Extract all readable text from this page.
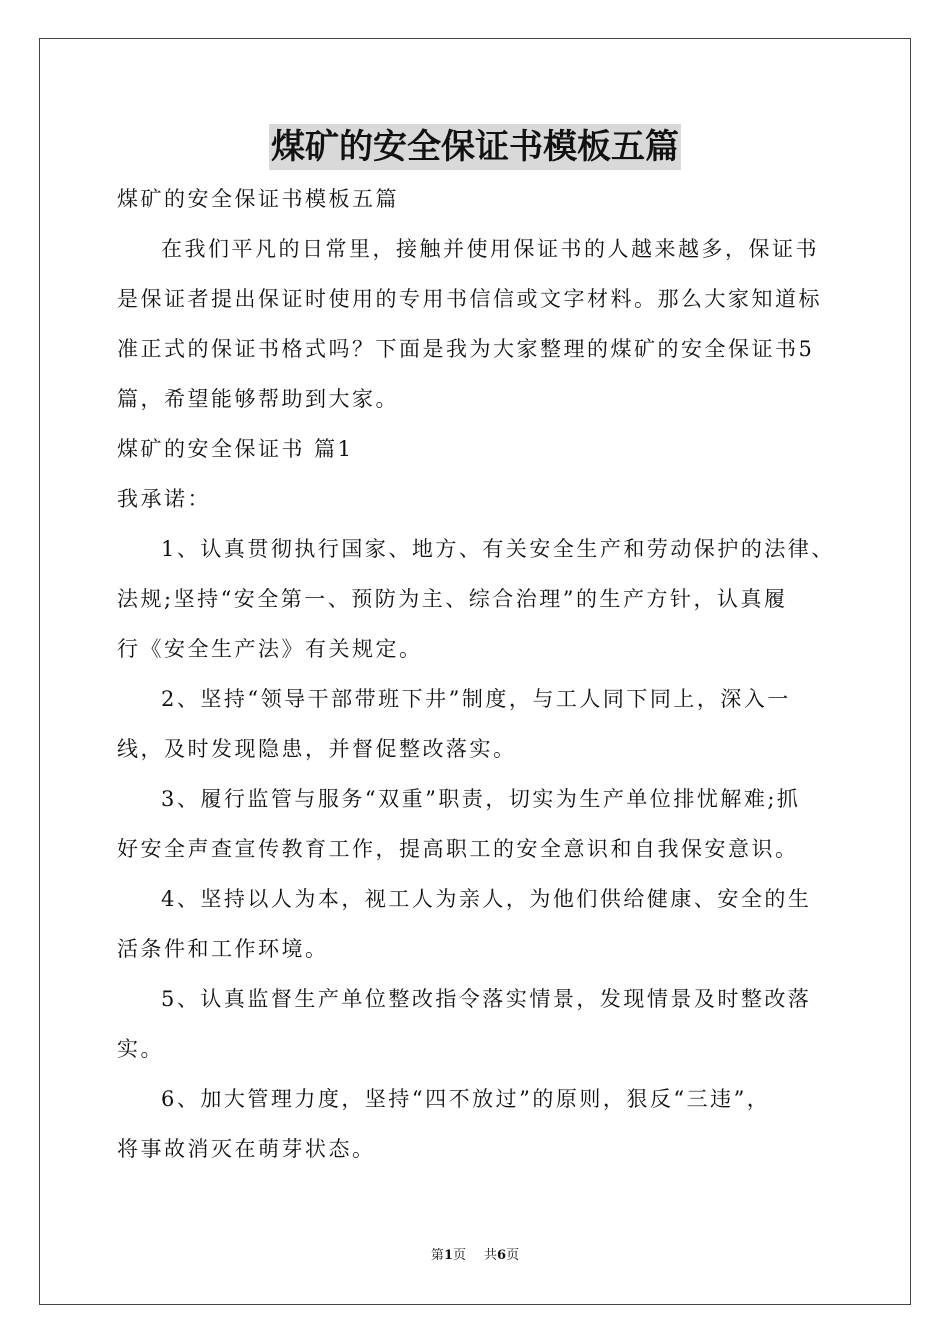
煤矿的安全保证书模板五篇
煤矿的安全保证书模板五篇
在我们平凡的日常里，接触并使用保证书的人越来越多，保证书
是保证者提出保证时使用的专用书信信或文字材料。那么大家知道标
准正式的保证书格式吗？下面是我为大家整理的煤矿的安全保证书5
篇，希望能够帮助到大家。
煤矿的安全保证书 篇1
我承诺：
1、认真贯彻执行国家、地方、有关安全生产和劳动保护的法律、
法规;坚持“安全第一、预防为主、综合治理”的生产方针，认真履
行《安全生产法》有关规定。
2、坚持“领导干部带班下井”制度，与工人同下同上，深入一
线，及时发现隐患，并督促整改落实。
3、履行监管与服务“双重”职责，切实为生产单位排忧解难;抓
好安全声查宣传教育工作，提高职工的安全意识和自我保安意识。
4、坚持以人为本，视工人为亲人，为他们供给健康、安全的生
活条件和工作环境。
5、认真监督生产单位整改指令落实情景，发现情景及时整改落
实。
6、加大管理力度，坚持“四不放过”的原则，狠反“三违”，
将事故消灭在萌芽状态。
第1页 共6页
